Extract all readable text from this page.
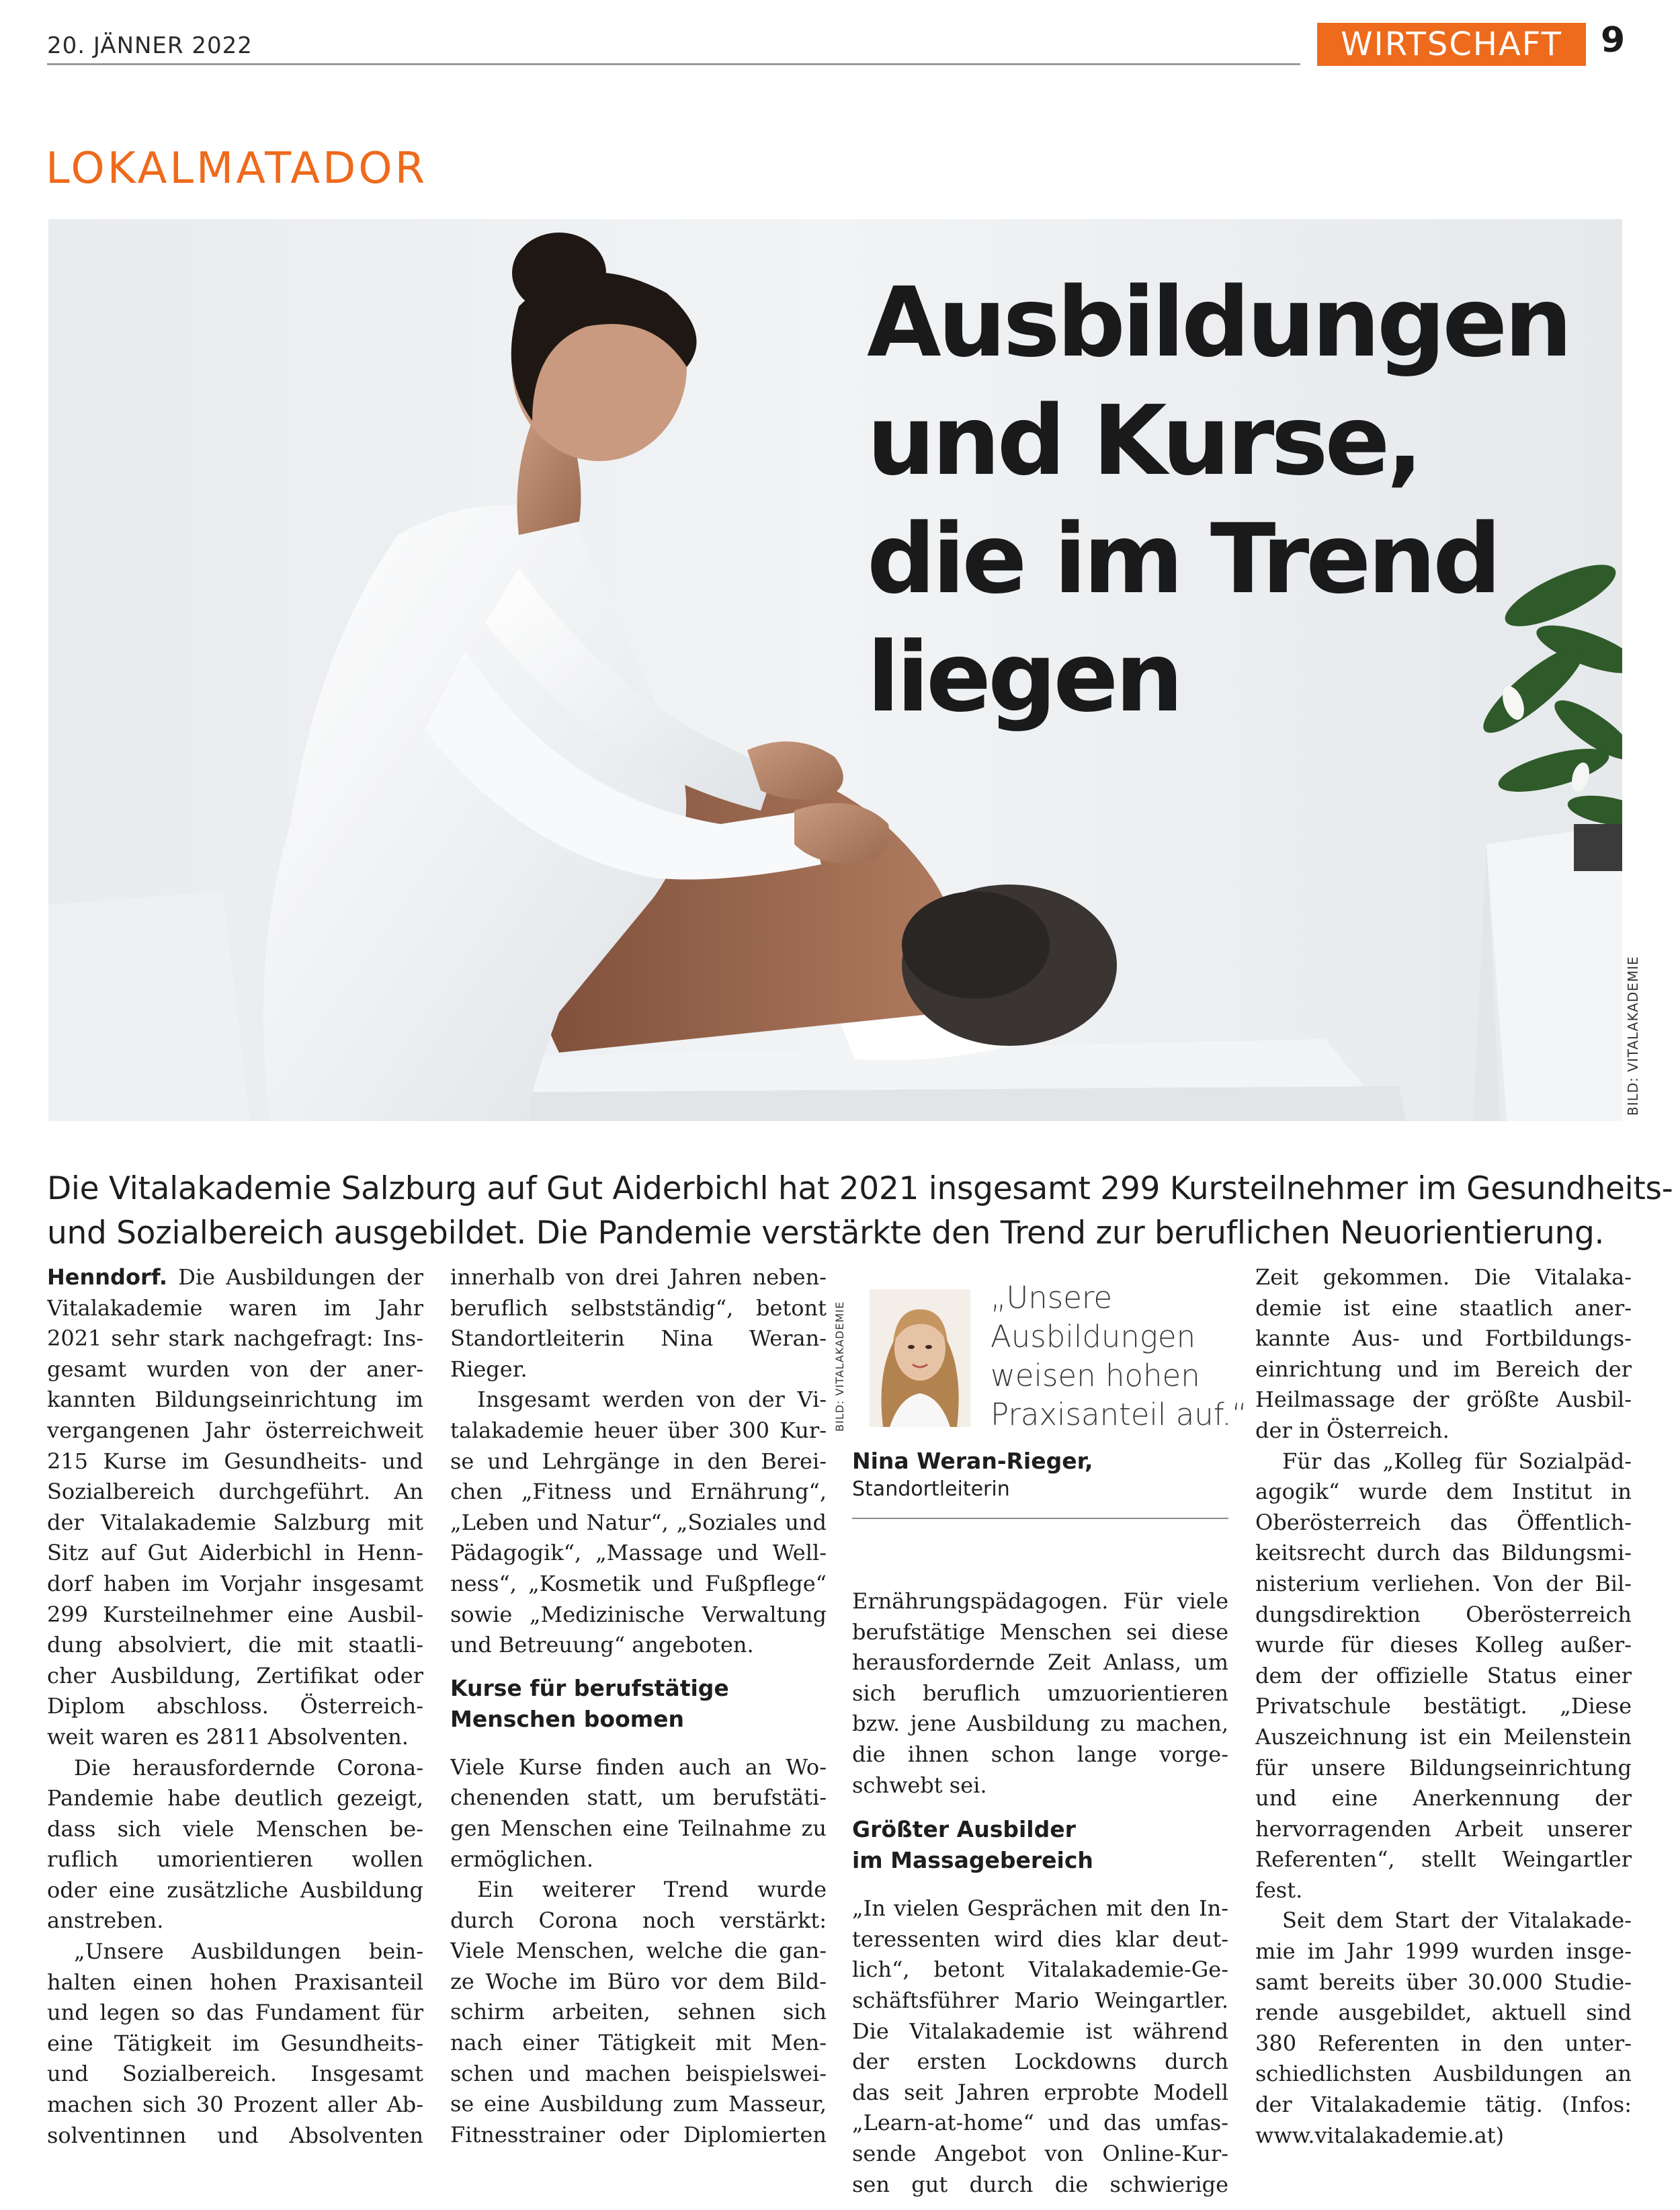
20. JÄNNER 2022	WIRTSCHAFT	9
LOKALMATADOR
Ausbildungen
und Kurse,
die im Trend
liegen
BILD: VITALAKADEMIE
Die Vitalakademie Salzburg auf Gut Aiderbichl hat 2021 insgesamt 299 Kursteilnehmer im Gesundheits-
und Sozialbereich ausgebildet. Die Pandemie verstärkte den Trend zur beruflichen Neuorientierung.
Henndorf. Die Ausbildungen der
Vitalakademie waren im Jahr
2021 sehr stark nachgefragt: Ins-
gesamt wurden von der aner-
kannten Bildungseinrichtung im
vergangenen Jahr österreichweit
215 Kurse im Gesundheits- und
Sozialbereich durchgeführt. An
der Vitalakademie Salzburg mit
Sitz auf Gut Aiderbichl in Henn-
dorf haben im Vorjahr insgesamt
299 Kursteilnehmer eine Ausbil-
dung absolviert, die mit staatli-
cher Ausbildung, Zertifikat oder
Diplom abschloss. Österreich-
weit waren es 2811 Absolventen.
Die herausfordernde Corona-
Pandemie habe deutlich gezeigt,
dass sich viele Menschen be-
ruflich umorientieren wollen
oder eine zusätzliche Ausbildung
anstreben.
„Unsere Ausbildungen bein-
halten einen hohen Praxisanteil
und legen so das Fundament für
eine Tätigkeit im Gesundheits-
und Sozialbereich. Insgesamt
machen sich 30 Prozent aller Ab-
solventinnen und Absolventen
innerhalb von drei Jahren neben-
beruflich selbstständig“, betont
Standortleiterin Nina Weran-
Rieger.
Insgesamt werden von der Vi-
talakademie heuer über 300 Kur-
se und Lehrgänge in den Berei-
chen „Fitness und Ernährung“,
„Leben und Natur“, „Soziales und
Pädagogik“, „Massage und Well-
ness“, „Kosmetik und Fußpflege“
sowie „Medizinische Verwaltung
und Betreuung“ angeboten.
Kurse für berufstätige
Menschen boomen
Viele Kurse finden auch an Wo-
chenenden statt, um berufstäti-
gen Menschen eine Teilnahme zu
ermöglichen.
Ein weiterer Trend wurde
durch Corona noch verstärkt:
Viele Menschen, welche die gan-
ze Woche im Büro vor dem Bild-
schirm arbeiten, sehnen sich
nach einer Tätigkeit mit Men-
schen und machen beispielswei-
se eine Ausbildung zum Masseur,
Fitnesstrainer oder Diplomierten
BILD: VITALAKADEMIE
„Unsere
Ausbildungen
weisen hohen
Praxisanteil auf.“
Nina Weran-Rieger,
Standortleiterin
Ernährungspädagogen. Für viele
berufstätige Menschen sei diese
herausfordernde Zeit Anlass, um
sich beruflich umzuorientieren
bzw. jene Ausbildung zu machen,
die ihnen schon lange vorge-
schwebt sei.
Größter Ausbilder
im Massagebereich
„In vielen Gesprächen mit den In-
teressenten wird dies klar deut-
lich“, betont Vitalakademie-Ge-
schäftsführer Mario Weingartler.
Die Vitalakademie ist während
der ersten Lockdowns durch
das seit Jahren erprobte Modell
„Learn-at-home“ und das umfas-
sende Angebot von Online-Kur-
sen gut durch die schwierige
Zeit gekommen. Die Vitalaka-
demie ist eine staatlich aner-
kannte Aus- und Fortbildungs-
einrichtung und im Bereich der
Heilmassage der größte Ausbil-
der in Österreich.
Für das „Kolleg für Sozialpäd-
agogik“ wurde dem Institut in
Oberösterreich das Öffentlich-
keitsrecht durch das Bildungsmi-
nisterium verliehen. Von der Bil-
dungsdirektion Oberösterreich
wurde für dieses Kolleg außer-
dem der offizielle Status einer
Privatschule bestätigt. „Diese
Auszeichnung ist ein Meilenstein
für unsere Bildungseinrichtung
und eine Anerkennung der
hervorragenden Arbeit unserer
Referenten“, stellt Weingartler
fest.
Seit dem Start der Vitalakade-
mie im Jahr 1999 wurden insge-
samt bereits über 30.000 Studie-
rende ausgebildet, aktuell sind
380 Referenten in den unter-
schiedlichsten Ausbildungen an
der Vitalakademie tätig. (Infos:
www.vitalakademie.at)
